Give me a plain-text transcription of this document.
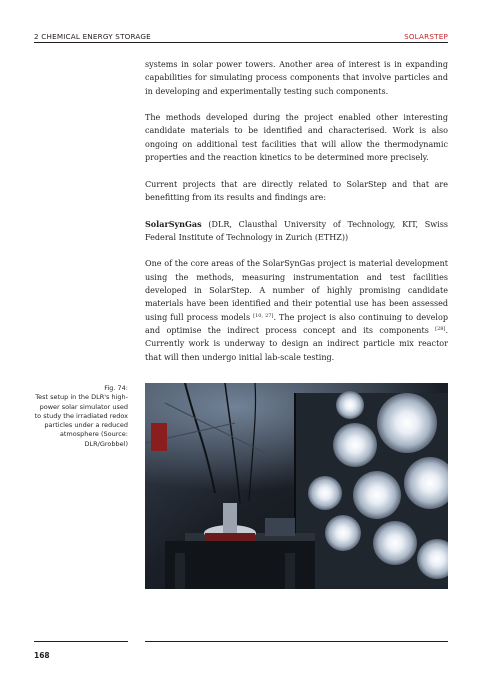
2 CHEMICAL ENERGY STORAGE	SOLARSTEP

systems in solar power towers. Another area of interest is in expanding capabilities for simulating process components that involve particles and in developing and experimentally testing such components.

The methods developed during the project enabled other interesting candidate materials to be identified and characterised. Work is also ongoing on additional test facilities that will allow the thermodynamic properties and the reaction kinetics to be determined more precisely.

Current projects that are directly related to SolarStep and that are benefitting from its results and findings are:

SolarSynGas (DLR, Clausthal University of Technology, KIT, Swiss Federal Institute of Technology in Zurich (ETHZ))

One of the core areas of the SolarSynGas project is material development using the methods, measuring instrumentation and test facilities developed in SolarStep. A number of highly promising candidate materials have been identified and their potential use has been assessed using full process models [10, 27]. The project is also continuing to develop and optimise the indirect process concept and its components [28]. Currently work is underway to design an indirect particle mix reactor that will then undergo initial lab-scale testing.

Fig. 74:
Test setup in the DLR's high-power solar simulator used to study the irradiated redox particles under a reduced atmosphere (Source: DLR/Grobbel)
168
